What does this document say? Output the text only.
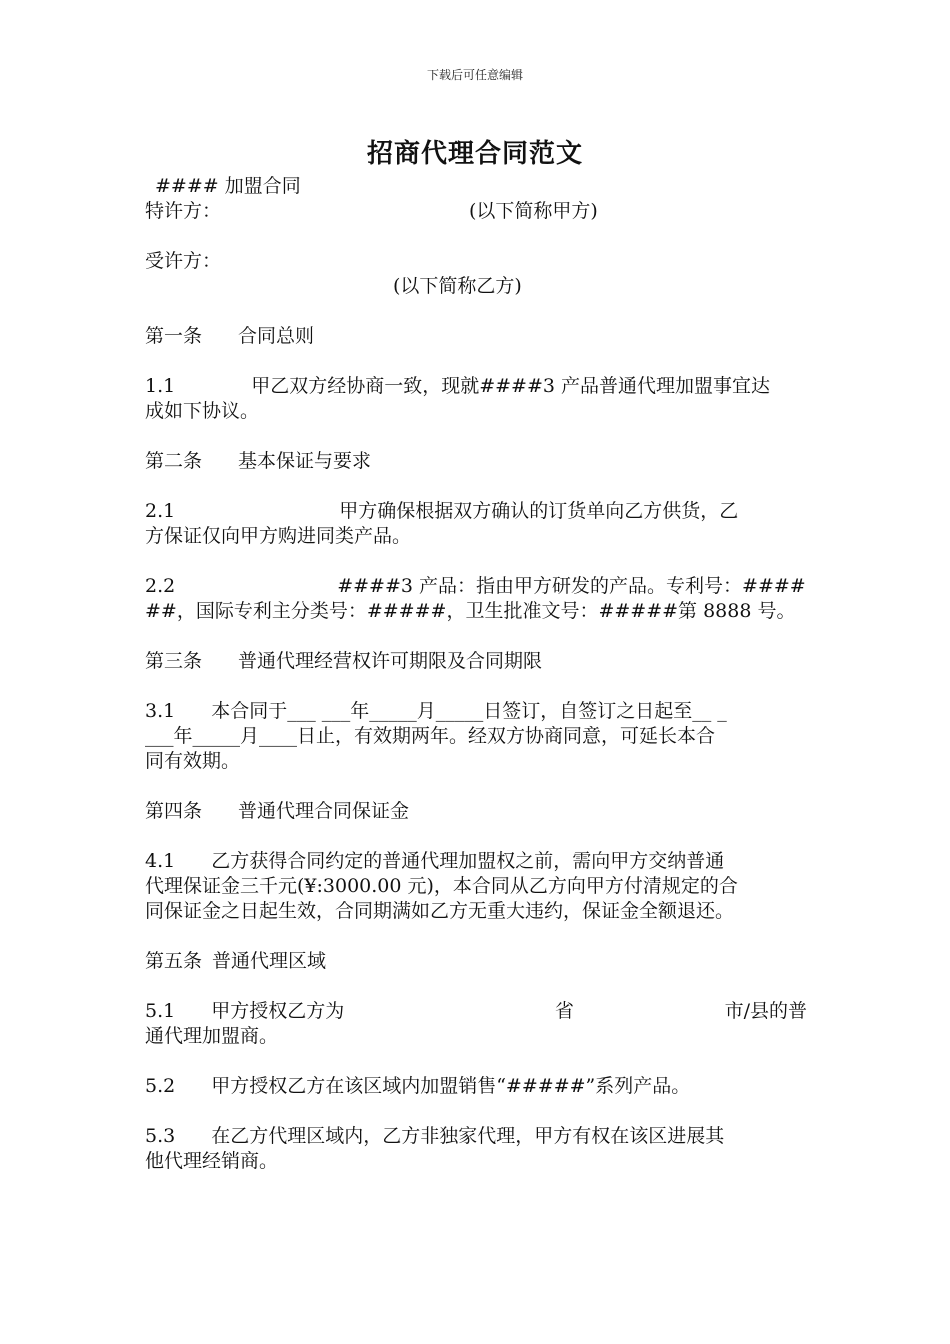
下载后可任意编辑
招商代理合同范文
#### 加盟合同
特许方：	(以下简称甲方)
受许方：
(以下简称乙方)
第一条 合同总则
1.1	甲乙双方经协商一致，现就####3 产品普通代理加盟事宜达
成如下协议。
第二条 基本保证与要求
2.1	甲方确保根据双方确认的订货单向乙方供货，乙
方保证仅向甲方购进同类产品。
2.2	####3 产品：指由甲方研发的产品。专利号：####
##，国际专利主分类号：#####，卫生批准文号：#####第 8888 号。
第三条 普通代理经营权许可期限及合同期限
3.1 本合同于___ ___年_____月_____日签订，自签订之日起至__ _
___年_____月____日止，有效期两年。经双方协商同意，可延长本合
同有效期。
第四条 普通代理合同保证金
4.1 乙方获得合同约定的普通代理加盟权之前，需向甲方交纳普通
代理保证金三千元(¥:3000.00 元)，本合同从乙方向甲方付清规定的合
同保证金之日起生效，合同期满如乙方无重大违约，保证金全额退还。
第五条 普通代理区域
5.1 甲方授权乙方为	省	市/县的普
通代理加盟商。
5.2 甲方授权乙方在该区域内加盟销售“#####”系列产品。
5.3 在乙方代理区域内，乙方非独家代理，甲方有权在该区进展其
他代理经销商。
